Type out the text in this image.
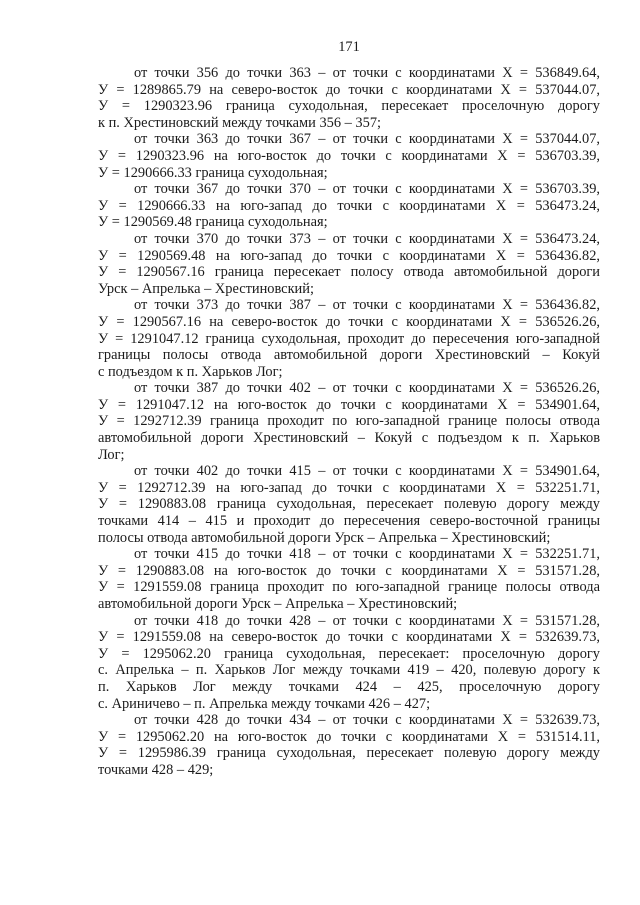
171
от точки 356 до точки 363 – от точки с координатами Х = 536849.64,
У = 1289865.79 на северо-восток до точки с координатами Х = 537044.07,
У = 1290323.96 граница суходольная, пересекает проселочную дорогу
к п. Хрестиновский между точками 356 – 357;
от точки 363 до точки 367 – от точки с координатами Х = 537044.07,
У = 1290323.96 на юго-восток до точки с координатами Х = 536703.39,
У = 1290666.33 граница суходольная;
от точки 367 до точки 370 – от точки с координатами Х = 536703.39,
У = 1290666.33 на юго-запад до точки с координатами Х = 536473.24,
У = 1290569.48 граница суходольная;
от точки 370 до точки 373 – от точки с координатами Х = 536473.24,
У = 1290569.48 на юго-запад до точки с координатами Х = 536436.82,
У = 1290567.16 граница пересекает полосу отвода автомобильной дороги
Урск – Апрелька – Хрестиновский;
от точки 373 до точки 387 – от точки с координатами Х = 536436.82,
У = 1290567.16 на северо-восток до точки с координатами Х = 536526.26,
У = 1291047.12 граница суходольная, проходит до пересечения юго-западной
границы полосы отвода автомобильной дороги Хрестиновский – Кокуй
с подъездом к п. Харьков Лог;
от точки 387 до точки 402 – от точки с координатами Х = 536526.26,
У = 1291047.12 на юго-восток до точки с координатами Х = 534901.64,
У = 1292712.39 граница проходит по юго-западной границе полосы отвода
автомобильной дороги Хрестиновский – Кокуй с подъездом к п. Харьков
Лог;
от точки 402 до точки 415 – от точки с координатами Х = 534901.64,
У = 1292712.39 на юго-запад до точки с координатами Х = 532251.71,
У = 1290883.08 граница суходольная, пересекает полевую дорогу между
точками 414 – 415 и проходит до пересечения северо-восточной границы
полосы отвода автомобильной дороги Урск – Апрелька – Хрестиновский;
от точки 415 до точки 418 – от точки с координатами Х = 532251.71,
У = 1290883.08 на юго-восток до точки с координатами Х = 531571.28,
У = 1291559.08 граница проходит по юго-западной границе полосы отвода
автомобильной дороги Урск – Апрелька – Хрестиновский;
от точки 418 до точки 428 – от точки с координатами Х = 531571.28,
У = 1291559.08 на северо-восток до точки с координатами Х = 532639.73,
У = 1295062.20 граница суходольная, пересекает: проселочную дорогу
с. Апрелька – п. Харьков Лог между точками 419 – 420, полевую дорогу к
п. Харьков Лог между точками 424 – 425, проселочную дорогу
с. Ариничево – п. Апрелька между точками 426 – 427;
от точки 428 до точки 434 – от точки с координатами Х = 532639.73,
У = 1295062.20 на юго-восток до точки с координатами Х = 531514.11,
У = 1295986.39 граница суходольная, пересекает полевую дорогу между
точками 428 – 429;
